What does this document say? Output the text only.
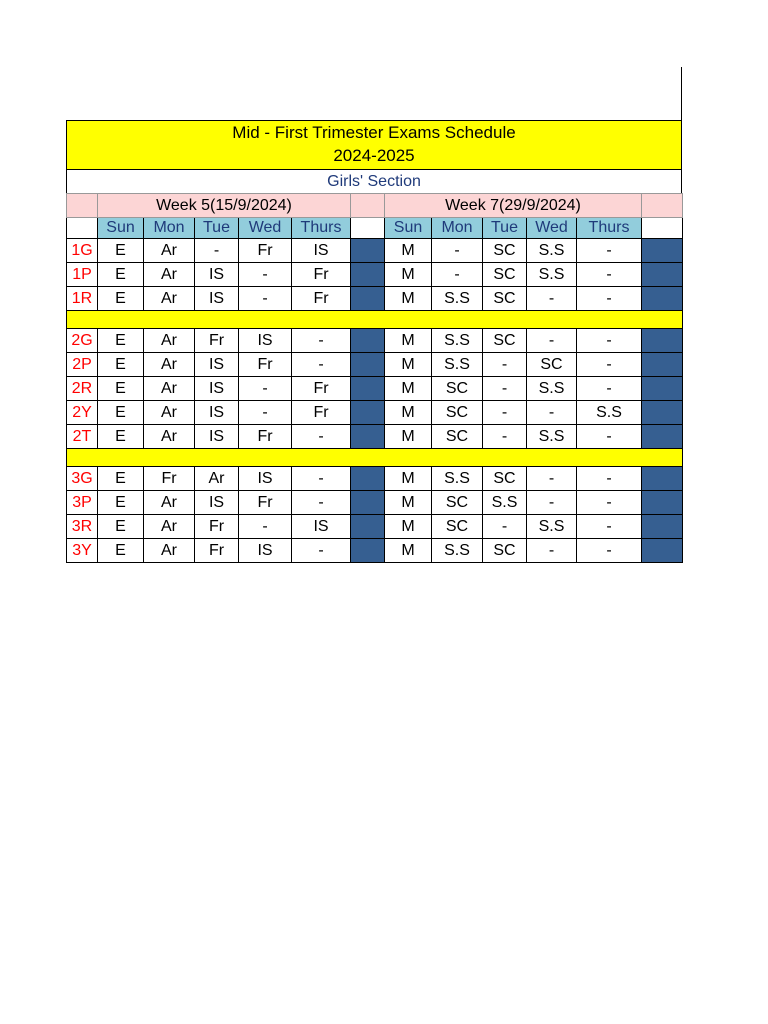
Mid - First Trimester Exams Schedule
2024-2025
Girls' Section
	Week 5(15/9/2024)						Week 7(29/9/2024)					
	Sun	Mon	Tue	Wed	Thurs		Sun	Mon	Tue	Wed	Thurs	
1G	E	Ar	-	Fr	IS		M	-	SC	S.S	-	
1P	E	Ar	IS	-	Fr		M	-	SC	S.S	-	
1R	E	Ar	IS	-	Fr		M	S.S	SC	-	-	

2G	E	Ar	Fr	IS	-		M	S.S	SC	-	-	
2P	E	Ar	IS	Fr	-		M	S.S	-	SC	-	
2R	E	Ar	IS	-	Fr		M	SC	-	S.S	-	
2Y	E	Ar	IS	-	Fr		M	SC	-	-	S.S	
2T	E	Ar	IS	Fr	-		M	SC	-	S.S	-	

3G	E	Fr	Ar	IS	-		M	S.S	SC	-	-	
3P	E	Ar	IS	Fr	-		M	SC	S.S	-	-	
3R	E	Ar	Fr	-	IS		M	SC	-	S.S	-	
3Y	E	Ar	Fr	IS	-		M	S.S	SC	-	-	
